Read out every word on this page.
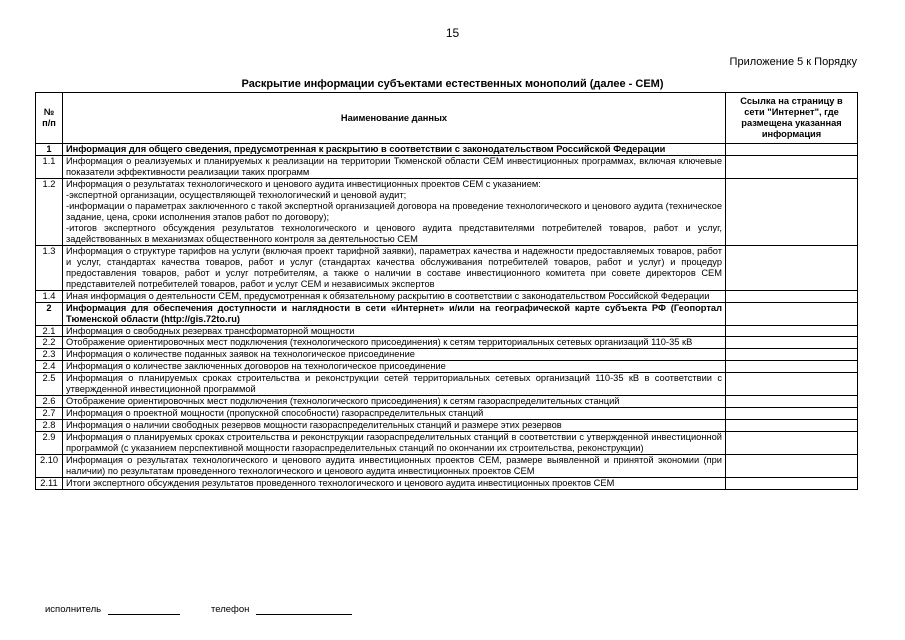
15
Приложение 5 к Порядку
Раскрытие информации субъектами естественных монополий (далее - СЕМ)
№ п/п	Наименование данных	Ссылка на страницу в сети "Интернет", где размещена указанная информация
1	Информация для общего сведения, предусмотренная к раскрытию в соответствии с законодательством Российской Федерации	
1.1	Информация о реализуемых и планируемых к реализации на территории Тюменской области СЕМ инвестиционных программах, включая ключевые показатели эффективности реализации таких программ	
1.2	Информация о результатах технологического и ценового аудита инвестиционных проектов СЕМ с указанием:
-экспертной организации, осуществляющей технологический и ценовой аудит;
-информации о параметрах заключенного с такой экспертной организацией договора на проведение технологического и ценового аудита (техническое задание, цена, сроки исполнения этапов работ по договору);
-итогов экспертного обсуждения результатов технологического и ценового аудита представителями потребителей товаров, работ и услуг, задействованных в механизмах общественного контроля за деятельностью СЕМ	
1.3	Информация о структуре тарифов на услуги (включая проект тарифной заявки), параметрах качества и надежности предоставляемых товаров, работ и услуг, стандартах качества товаров, работ и услуг (стандартах качества обслуживания потребителей товаров, работ и услуг) и процедур предоставления товаров, работ и услуг потребителям, а также о наличии в составе инвестиционного комитета при совете директоров СЕМ представителей потребителей товаров, работ и услуг СЕМ и независимых экспертов	
1.4	Иная информация о деятельности СЕМ, предусмотренная к обязательному раскрытию в соответствии с законодательством Российской Федерации	
2	Информация для обеспечения доступности и наглядности в сети «Интернет» и/или на географической карте субъекта РФ (Геопортал Тюменской области (http://gis.72to.ru)	
2.1	Информация о свободных резервах трансформаторной мощности	
2.2	Отображение ориентировочных мест подключения (технологического присоединения) к сетям территориальных сетевых организаций 110-35 кВ	
2.3	Информация о количестве поданных заявок на технологическое присоединение	
2.4	Информация о количестве заключенных договоров на технологическое присоединение	
2.5	Информация о планируемых сроках строительства и реконструкции сетей территориальных сетевых организаций 110-35 кВ в соответствии с утвержденной инвестиционной программой	
2.6	Отображение ориентировочных мест подключения (технологического присоединения) к сетям газораспределительных станций	
2.7	Информация о проектной мощности (пропускной способности) газораспределительных станций	
2.8	Информация о наличии свободных резервов мощности газораспределительных станций и размере этих резервов	
2.9	Информация о планируемых сроках строительства и реконструкции газораспределительных станций в соответствии с утвержденной инвестиционной программой (с указанием перспективной мощности газораспределительных станций по окончании их строительства, реконструкции)	
2.10	Информация о результатах технологического и ценового аудита инвестиционных проектов СЕМ, размере выявленной и принятой экономии (при наличии) по результатам проведенного технологического и ценового аудита инвестиционных проектов СЕМ	
2.11	Итоги экспертного обсуждения результатов проведенного технологического и ценового аудита инвестиционных проектов СЕМ	
исполнитель	телефон
